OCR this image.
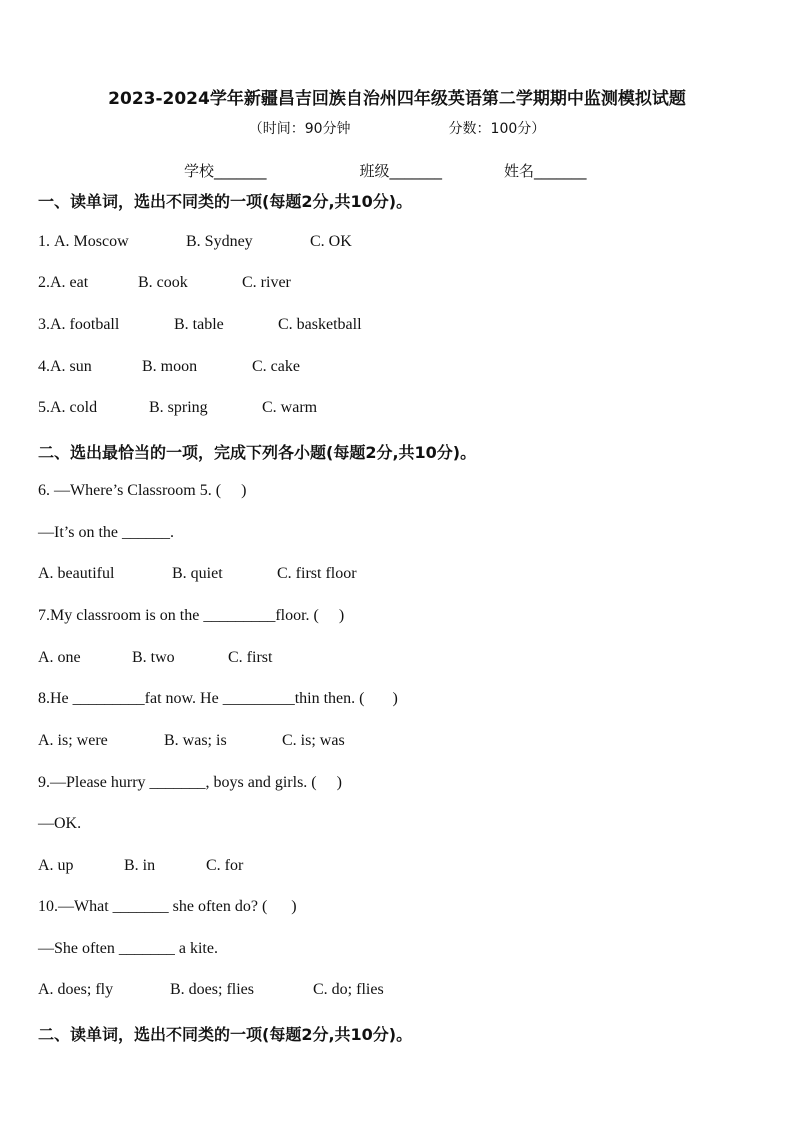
2023-2024学年新疆昌吉回族自治州四年级英语第二学期期中监测模拟试题
（时间：90分钟	分数：100分）
学校_______	班级_______	姓名_______
一、读单词，选出不同类的一项(每题2分,共10分)。
1. A. Moscow	B. Sydney	C. OK
2.A. eat	B. cook	C. river
3.A. football	B. table	C. basketball
4.A. sun	B. moon	C. cake
5.A. cold	B. spring	C. warm
二、选出最恰当的一项，完成下列各小题(每题2分,共10分)。
6. —Where’s Classroom 5. (     )
—It’s on the ______.
A. beautiful	B. quiet	C. first floor
7.My classroom is on the _________floor. (     )
A. one	B. two	C. first
8.He _________fat now. He _________thin then. (       )
A. is; were	B. was; is	C. is; was
9.—Please hurry _______, boys and girls. (     )
—OK.
A. up	B. in	C. for
10.—What _______ she often do? (      )
—She often _______ a kite.
A. does; fly	B. does; flies	C. do; flies
二、读单词，选出不同类的一项(每题2分,共10分)。
